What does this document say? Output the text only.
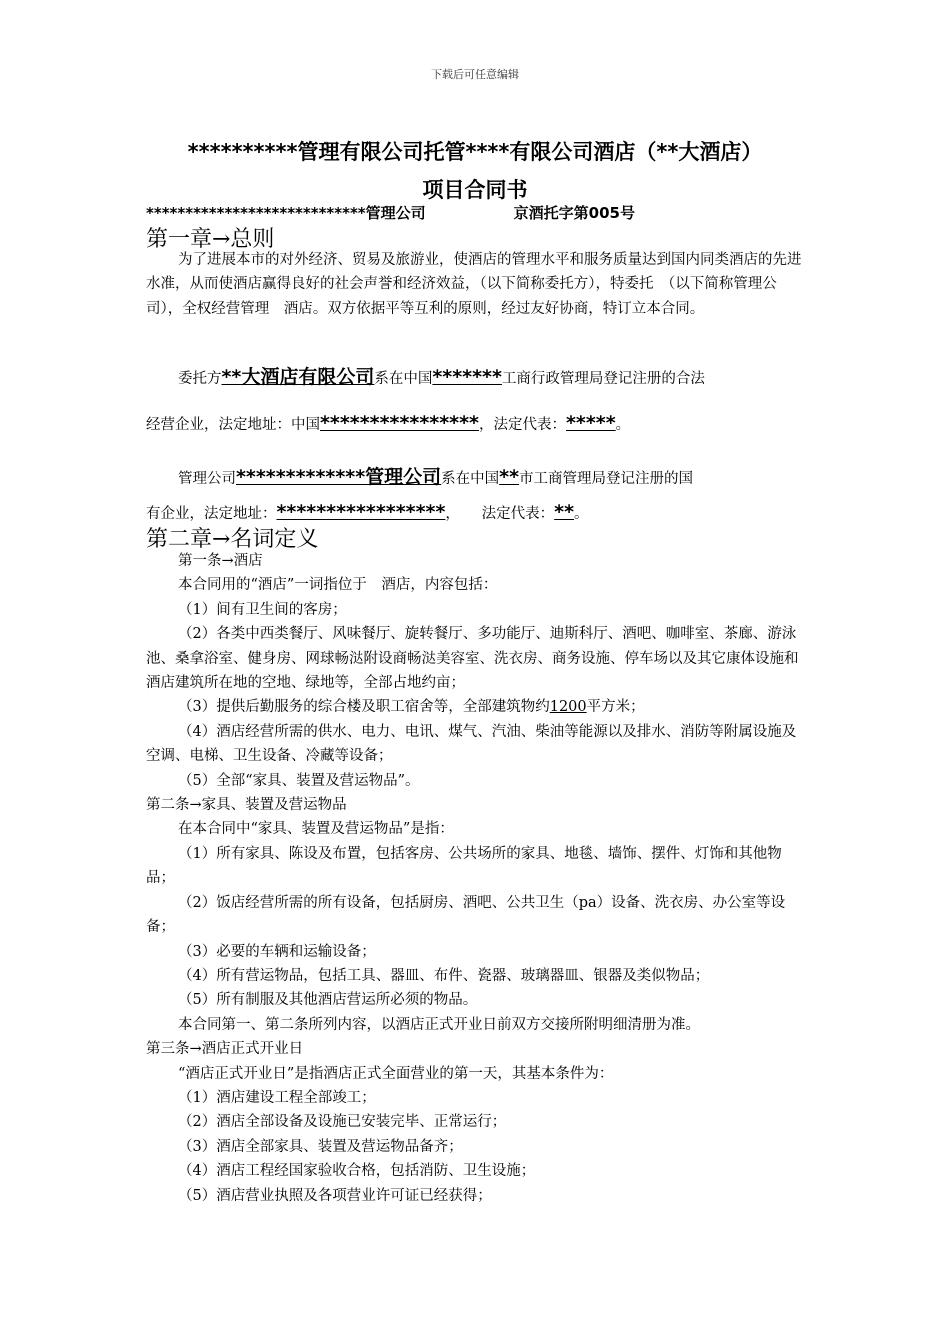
下载后可任意编辑
**********管理有限公司托管****有限公司酒店（**大酒店）
项目合同书
****************************管理公司	京酒托字第005号
第一章→总则

为了进展本市的对外经济、贸易及旅游业，使酒店的管理水平和服务质量达到国内同类酒店的先进水准，从而使酒店赢得良好的社会声誉和经济效益，（以下简称委托方），特委托　（以下简称管理公司），全权经营管理　酒店。双方依据平等互利的原则，经过友好协商，特订立本合同。

委托方**大酒店有限公司系在中国*******工商行政管理局登记注册的合法
经营企业，法定地址：中国****************，法定代表：*****。
管理公司*************管理公司系在中国**市工商管理局登记注册的国
有企业，法定地址：*****************，　　法定代表：**。
第二章→名词定义

第一条→酒店

本合同用的“酒店”一词指位于　酒店，内容包括：

（1）间有卫生间的客房；

（2）各类中西类餐厅、风味餐厅、旋转餐厅、多功能厅、迪斯科厅、酒吧、咖啡室、茶廊、游泳池、桑拿浴室、健身房、网球畅㳠附设商畅㳠美容室、洗衣房、商务设施、停车场以及其它康体设施和酒店建筑所在地的空地、绿地等，全部占地约亩；

（3）提供后勤服务的综合楼及职工宿舍等，全部建筑物约1200平方米；

（4）酒店经营所需的供水、电力、电讯、煤气、汽油、柴油等能源以及排水、消防等附属设施及空调、电梯、卫生设备、冷藏等设备；

（5）全部“家具、装置及营运物品”。

第二条→家具、装置及营运物品

在本合同中“家具、装置及营运物品”是指：

（1）所有家具、陈设及布置，包括客房、公共场所的家具、地毯、墙饰、摆件、灯饰和其他物品；

（2）饭店经营所需的所有设备，包括厨房、酒吧、公共卫生（pa）设备、洗衣房、办公室等设备；

（3）必要的车辆和运输设备；

（4）所有营运物品，包括工具、器皿、布件、瓷器、玻璃器皿、银器及类似物品；

（5）所有制服及其他酒店营运所必须的物品。

本合同第一、第二条所列内容，以酒店正式开业日前双方交接所附明细清册为准。

第三条→酒店正式开业日

“酒店正式开业日”是指酒店正式全面营业的第一天，其基本条件为：

（1）酒店建设工程全部竣工；

（2）酒店全部设备及设施已安装完毕、正常运行；

（3）酒店全部家具、装置及营运物品备齐；

（4）酒店工程经国家验收合格，包括消防、卫生设施；

（5）酒店营业执照及各项营业许可证已经获得；
